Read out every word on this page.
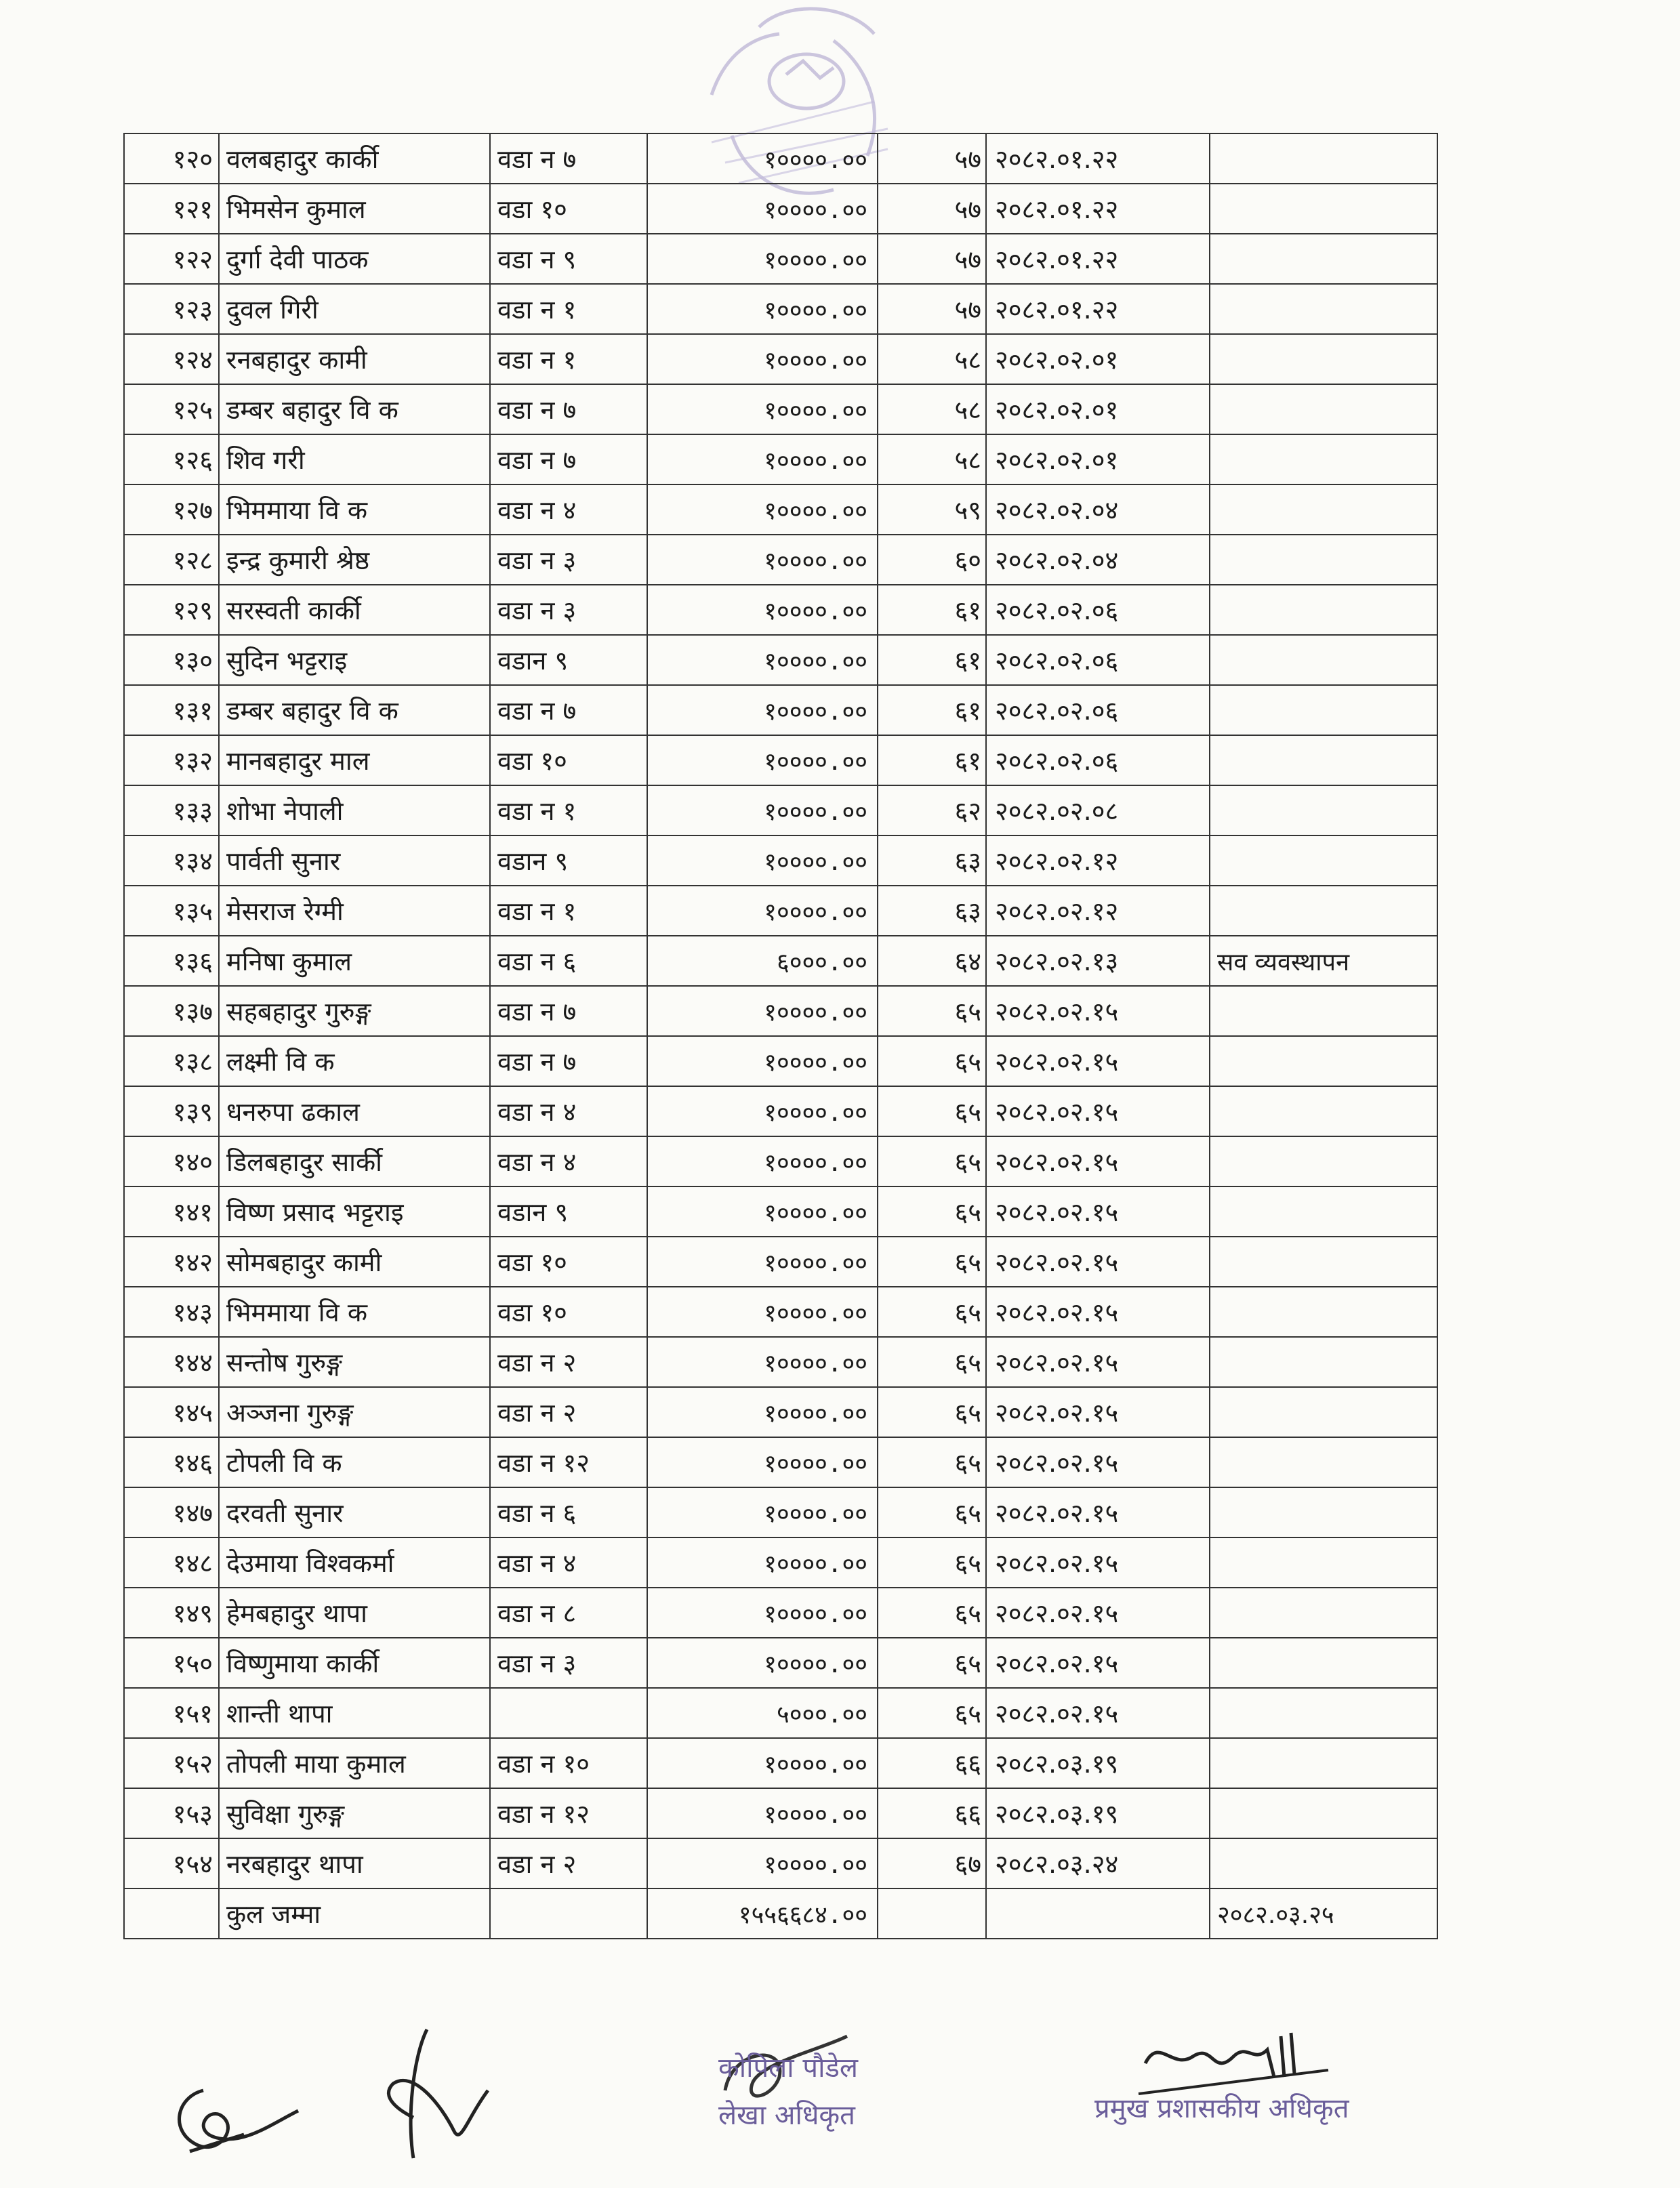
१२०	वलबहादुर कार्की	वडा न ७	१००००.००	५७	२०८२.०१.२२	
१२१	भिमसेन कुमाल	वडा १०	१००००.००	५७	२०८२.०१.२२	
१२२	दुर्गा देवी पाठक	वडा न ९	१००००.००	५७	२०८२.०१.२२	
१२३	दुवल गिरी	वडा न १	१००००.००	५७	२०८२.०१.२२	
१२४	रनबहादुर कामी	वडा न १	१००००.००	५८	२०८२.०२.०१	
१२५	डम्बर बहादुर वि क	वडा न ७	१००००.००	५८	२०८२.०२.०१	
१२६	शिव गरी	वडा न ७	१००००.००	५८	२०८२.०२.०१	
१२७	भिममाया वि क	वडा न ४	१००००.००	५९	२०८२.०२.०४	
१२८	इन्द्र कुमारी श्रेष्ठ	वडा न ३	१००००.००	६०	२०८२.०२.०४	
१२९	सरस्वती कार्की	वडा न ३	१००००.००	६१	२०८२.०२.०६	
१३०	सुदिन भट्टराइ	वडान ९	१००००.००	६१	२०८२.०२.०६	
१३१	डम्बर बहादुर वि क	वडा न ७	१००००.००	६१	२०८२.०२.०६	
१३२	मानबहादुर माल	वडा १०	१००००.००	६१	२०८२.०२.०६	
१३३	शोभा नेपाली	वडा न १	१००००.००	६२	२०८२.०२.०८	
१३४	पार्वती सुनार	वडान ९	१००००.००	६३	२०८२.०२.१२	
१३५	मेसराज रेग्मी	वडा न १	१००००.००	६३	२०८२.०२.१२	
१३६	मनिषा कुमाल	वडा न ६	६०००.००	६४	२०८२.०२.१३	सव व्यवस्थापन
१३७	सहबहादुर गुरुङ्ग	वडा न ७	१००००.००	६५	२०८२.०२.१५	
१३८	लक्ष्मी वि क	वडा न ७	१००००.००	६५	२०८२.०२.१५	
१३९	धनरुपा ढकाल	वडा न ४	१००००.००	६५	२०८२.०२.१५	
१४०	डिलबहादुर सार्की	वडा न ४	१००००.००	६५	२०८२.०२.१५	
१४१	विष्ण प्रसाद भट्टराइ	वडान ९	१००००.००	६५	२०८२.०२.१५	
१४२	सोमबहादुर कामी	वडा १०	१००००.००	६५	२०८२.०२.१५	
१४३	भिममाया वि क	वडा १०	१००००.००	६५	२०८२.०२.१५	
१४४	सन्तोष गुरुङ्ग	वडा न २	१००००.००	६५	२०८२.०२.१५	
१४५	अञ्जना गुरुङ्ग	वडा न २	१००००.००	६५	२०८२.०२.१५	
१४६	टोपली वि क	वडा न १२	१००००.००	६५	२०८२.०२.१५	
१४७	दरवती सुनार	वडा न ६	१००००.००	६५	२०८२.०२.१५	
१४८	देउमाया विश्वकर्मा	वडा न ४	१००००.००	६५	२०८२.०२.१५	
१४९	हेमबहादुर थापा	वडा न ८	१००००.००	६५	२०८२.०२.१५	
१५०	विष्णुमाया कार्की	वडा न ३	१००००.००	६५	२०८२.०२.१५	
१५१	शान्ती थापा		५०००.००	६५	२०८२.०२.१५	
१५२	तोपली माया कुमाल	वडा न १०	१००००.००	६६	२०८२.०३.१९	
१५३	सुविक्षा गुरुङ्ग	वडा न १२	१००००.००	६६	२०८२.०३.१९	
१५४	नरबहादुर थापा	वडा न २	१००००.००	६७	२०८२.०३.२४	
	कुल जम्मा		१५५६६८४.००			२०८२.०३.२५
कोपिला पौडेल
लेखा अधिकृत	प्रमुख प्रशासकीय अधिकृत
